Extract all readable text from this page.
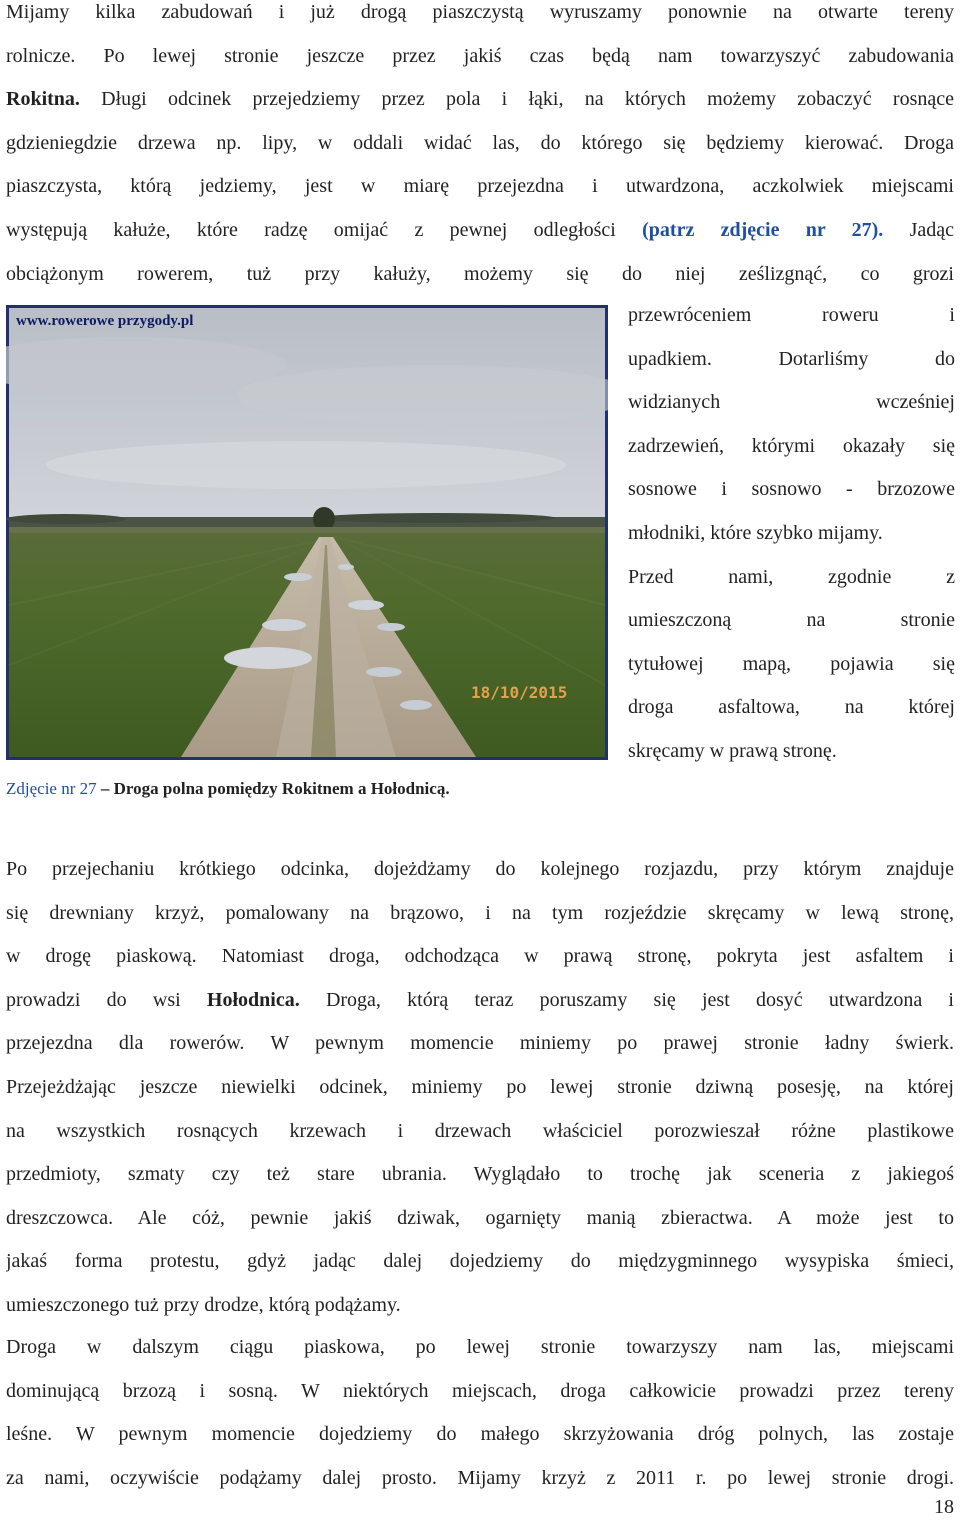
Mijamy kilka zabudowań i już drogą piaszczystą wyruszamy ponownie na otwarte tereny
rolnicze. Po lewej stronie jeszcze przez jakiś czas będą nam towarzyszyć zabudowania
Rokitna. Długi odcinek przejedziemy przez pola i łąki, na których możemy zobaczyć rosnące
gdzieniegdzie drzewa np. lipy, w oddali widać las, do którego się będziemy kierować. Droga
piaszczysta, którą jedziemy, jest w miarę przejezdna i utwardzona, aczkolwiek miejscami
występują kałuże, które radzę omijać z pewnej odległości (patrz zdjęcie nr 27). Jadąc
obciążonym rowerem, tuż przy kałuży, możemy się do niej ześlizgnąć, co grozi
www.rowerowe przygody.pl
18/10/2015
przewróceniem roweru i
upadkiem. Dotarliśmy do
widzianych wcześniej
zadrzewień, którymi okazały się
sosnowe i sosnowo - brzozowe
młodniki, które szybko mijamy.
Przed nami, zgodnie z
umieszczoną na stronie
tytułowej mapą, pojawia się
droga asfaltowa, na której
skręcamy w prawą stronę.
Zdjęcie nr 27 – Droga polna pomiędzy Rokitnem a Hołodnicą.
Po przejechaniu krótkiego odcinka, dojeżdżamy do kolejnego rozjazdu, przy którym znajduje
się drewniany krzyż, pomalowany na brązowo, i na tym rozjeździe skręcamy w lewą stronę,
w drogę piaskową. Natomiast droga, odchodząca w prawą stronę, pokryta jest asfaltem i
prowadzi do wsi Hołodnica. Droga, którą teraz poruszamy się jest dosyć utwardzona i
przejezdna dla rowerów. W pewnym momencie miniemy po prawej stronie ładny świerk.
Przejeżdżając jeszcze niewielki odcinek, miniemy po lewej stronie dziwną posesję, na której
na wszystkich rosnących krzewach i drzewach właściciel porozwieszał różne plastikowe
przedmioty, szmaty czy też stare ubrania. Wyglądało to trochę jak sceneria z jakiegoś
dreszczowca. Ale cóż, pewnie jakiś dziwak, ogarnięty manią zbieractwa. A może jest to
jakaś forma protestu, gdyż jadąc dalej dojedziemy do międzygminnego wysypiska śmieci,
umieszczonego tuż przy drodze, którą podążamy.
Droga w dalszym ciągu piaskowa, po lewej stronie towarzyszy nam las, miejscami
dominującą brzozą i sosną. W niektórych miejscach, droga całkowicie prowadzi przez tereny
leśne. W pewnym momencie dojedziemy do małego skrzyżowania dróg polnych, las zostaje
za nami, oczywiście podążamy dalej prosto. Mijamy krzyż z 2011 r. po lewej stronie drogi.
18
